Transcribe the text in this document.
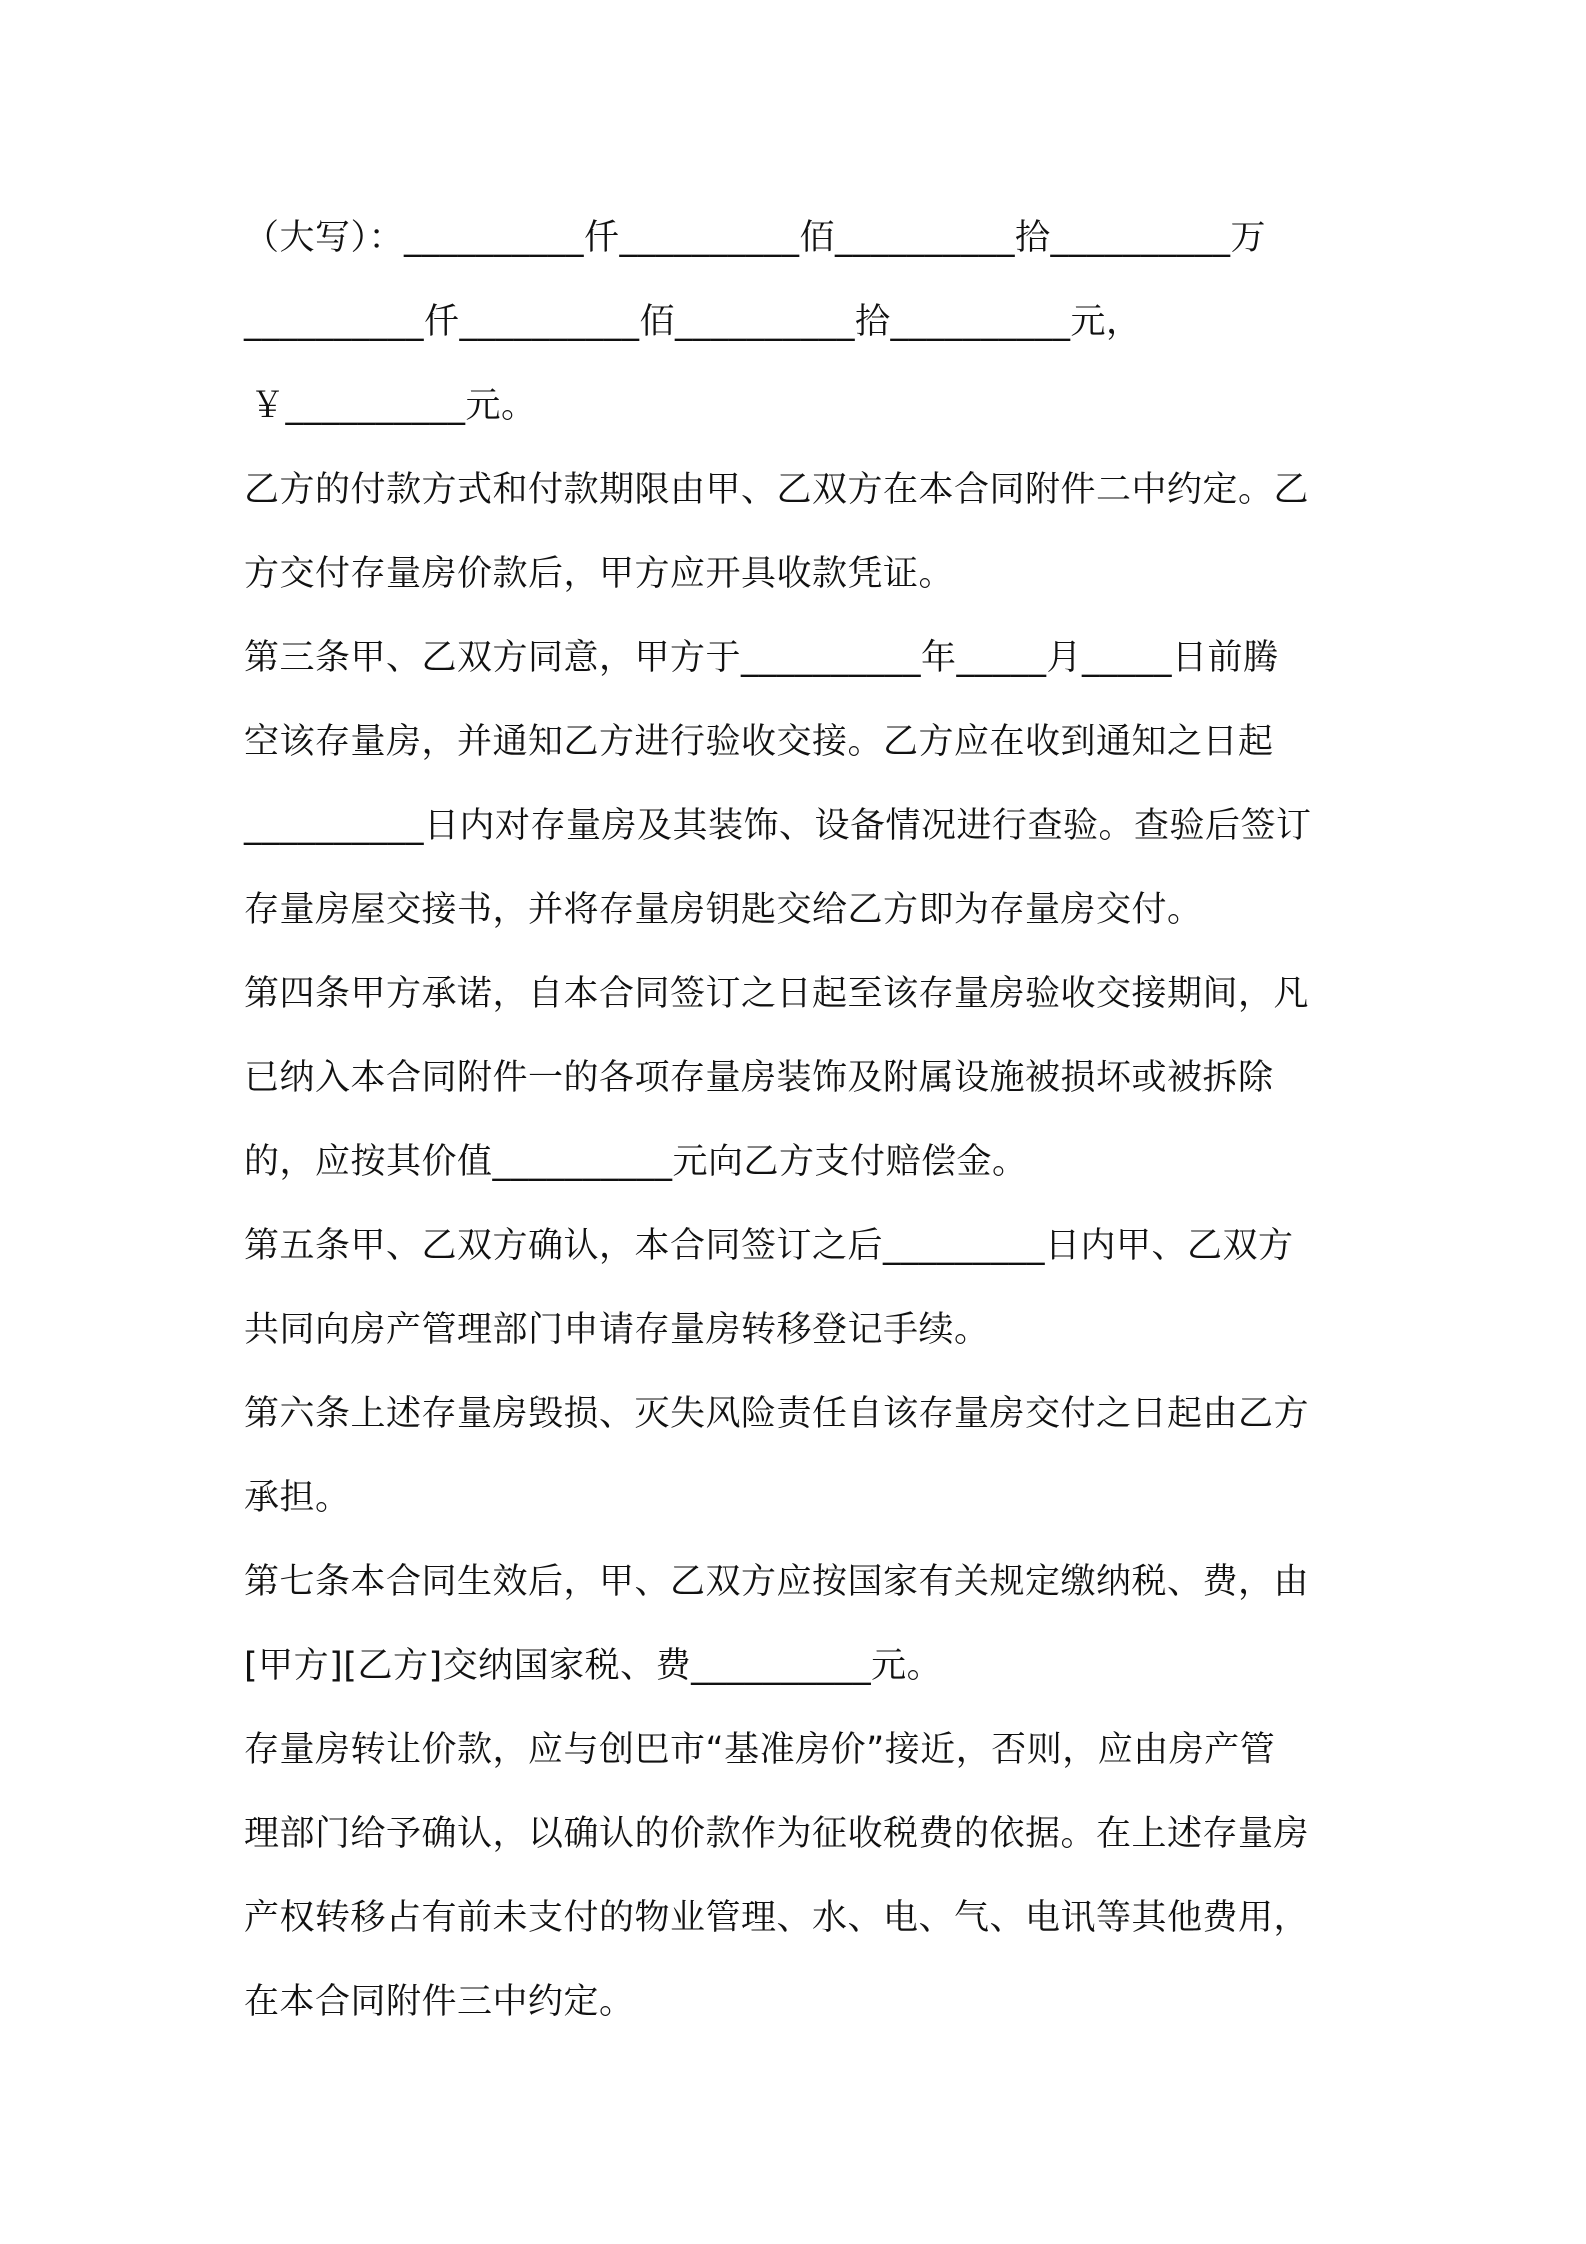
（大写）：__________仟__________佰__________拾__________万
__________仟__________佰__________拾__________元，
￥__________元。
乙方的付款方式和付款期限由甲、乙双方在本合同附件二中约定。乙
方交付存量房价款后，甲方应开具收款凭证。
第三条甲、乙双方同意，甲方于__________年_____月_____日前腾
空该存量房，并通知乙方进行验收交接。乙方应在收到通知之日起
__________日内对存量房及其装饰、设备情况进行查验。查验后签订
存量房屋交接书，并将存量房钥匙交给乙方即为存量房交付。
第四条甲方承诺，自本合同签订之日起至该存量房验收交接期间，凡
已纳入本合同附件一的各项存量房装饰及附属设施被损坏或被拆除
的，应按其价值__________元向乙方支付赔偿金。
第五条甲、乙双方确认，本合同签订之后_________日内甲、乙双方
共同向房产管理部门申请存量房转移登记手续。
第六条上述存量房毁损、灭失风险责任自该存量房交付之日起由乙方
承担。
第七条本合同生效后，甲、乙双方应按国家有关规定缴纳税、费，由
[甲方][乙方]交纳国家税、费__________元。
存量房转让价款，应与创巴市“基准房价”接近，否则，应由房产管
理部门给予确认，以确认的价款作为征收税费的依据。在上述存量房
产权转移占有前未支付的物业管理、水、电、气、电讯等其他费用，
在本合同附件三中约定。
